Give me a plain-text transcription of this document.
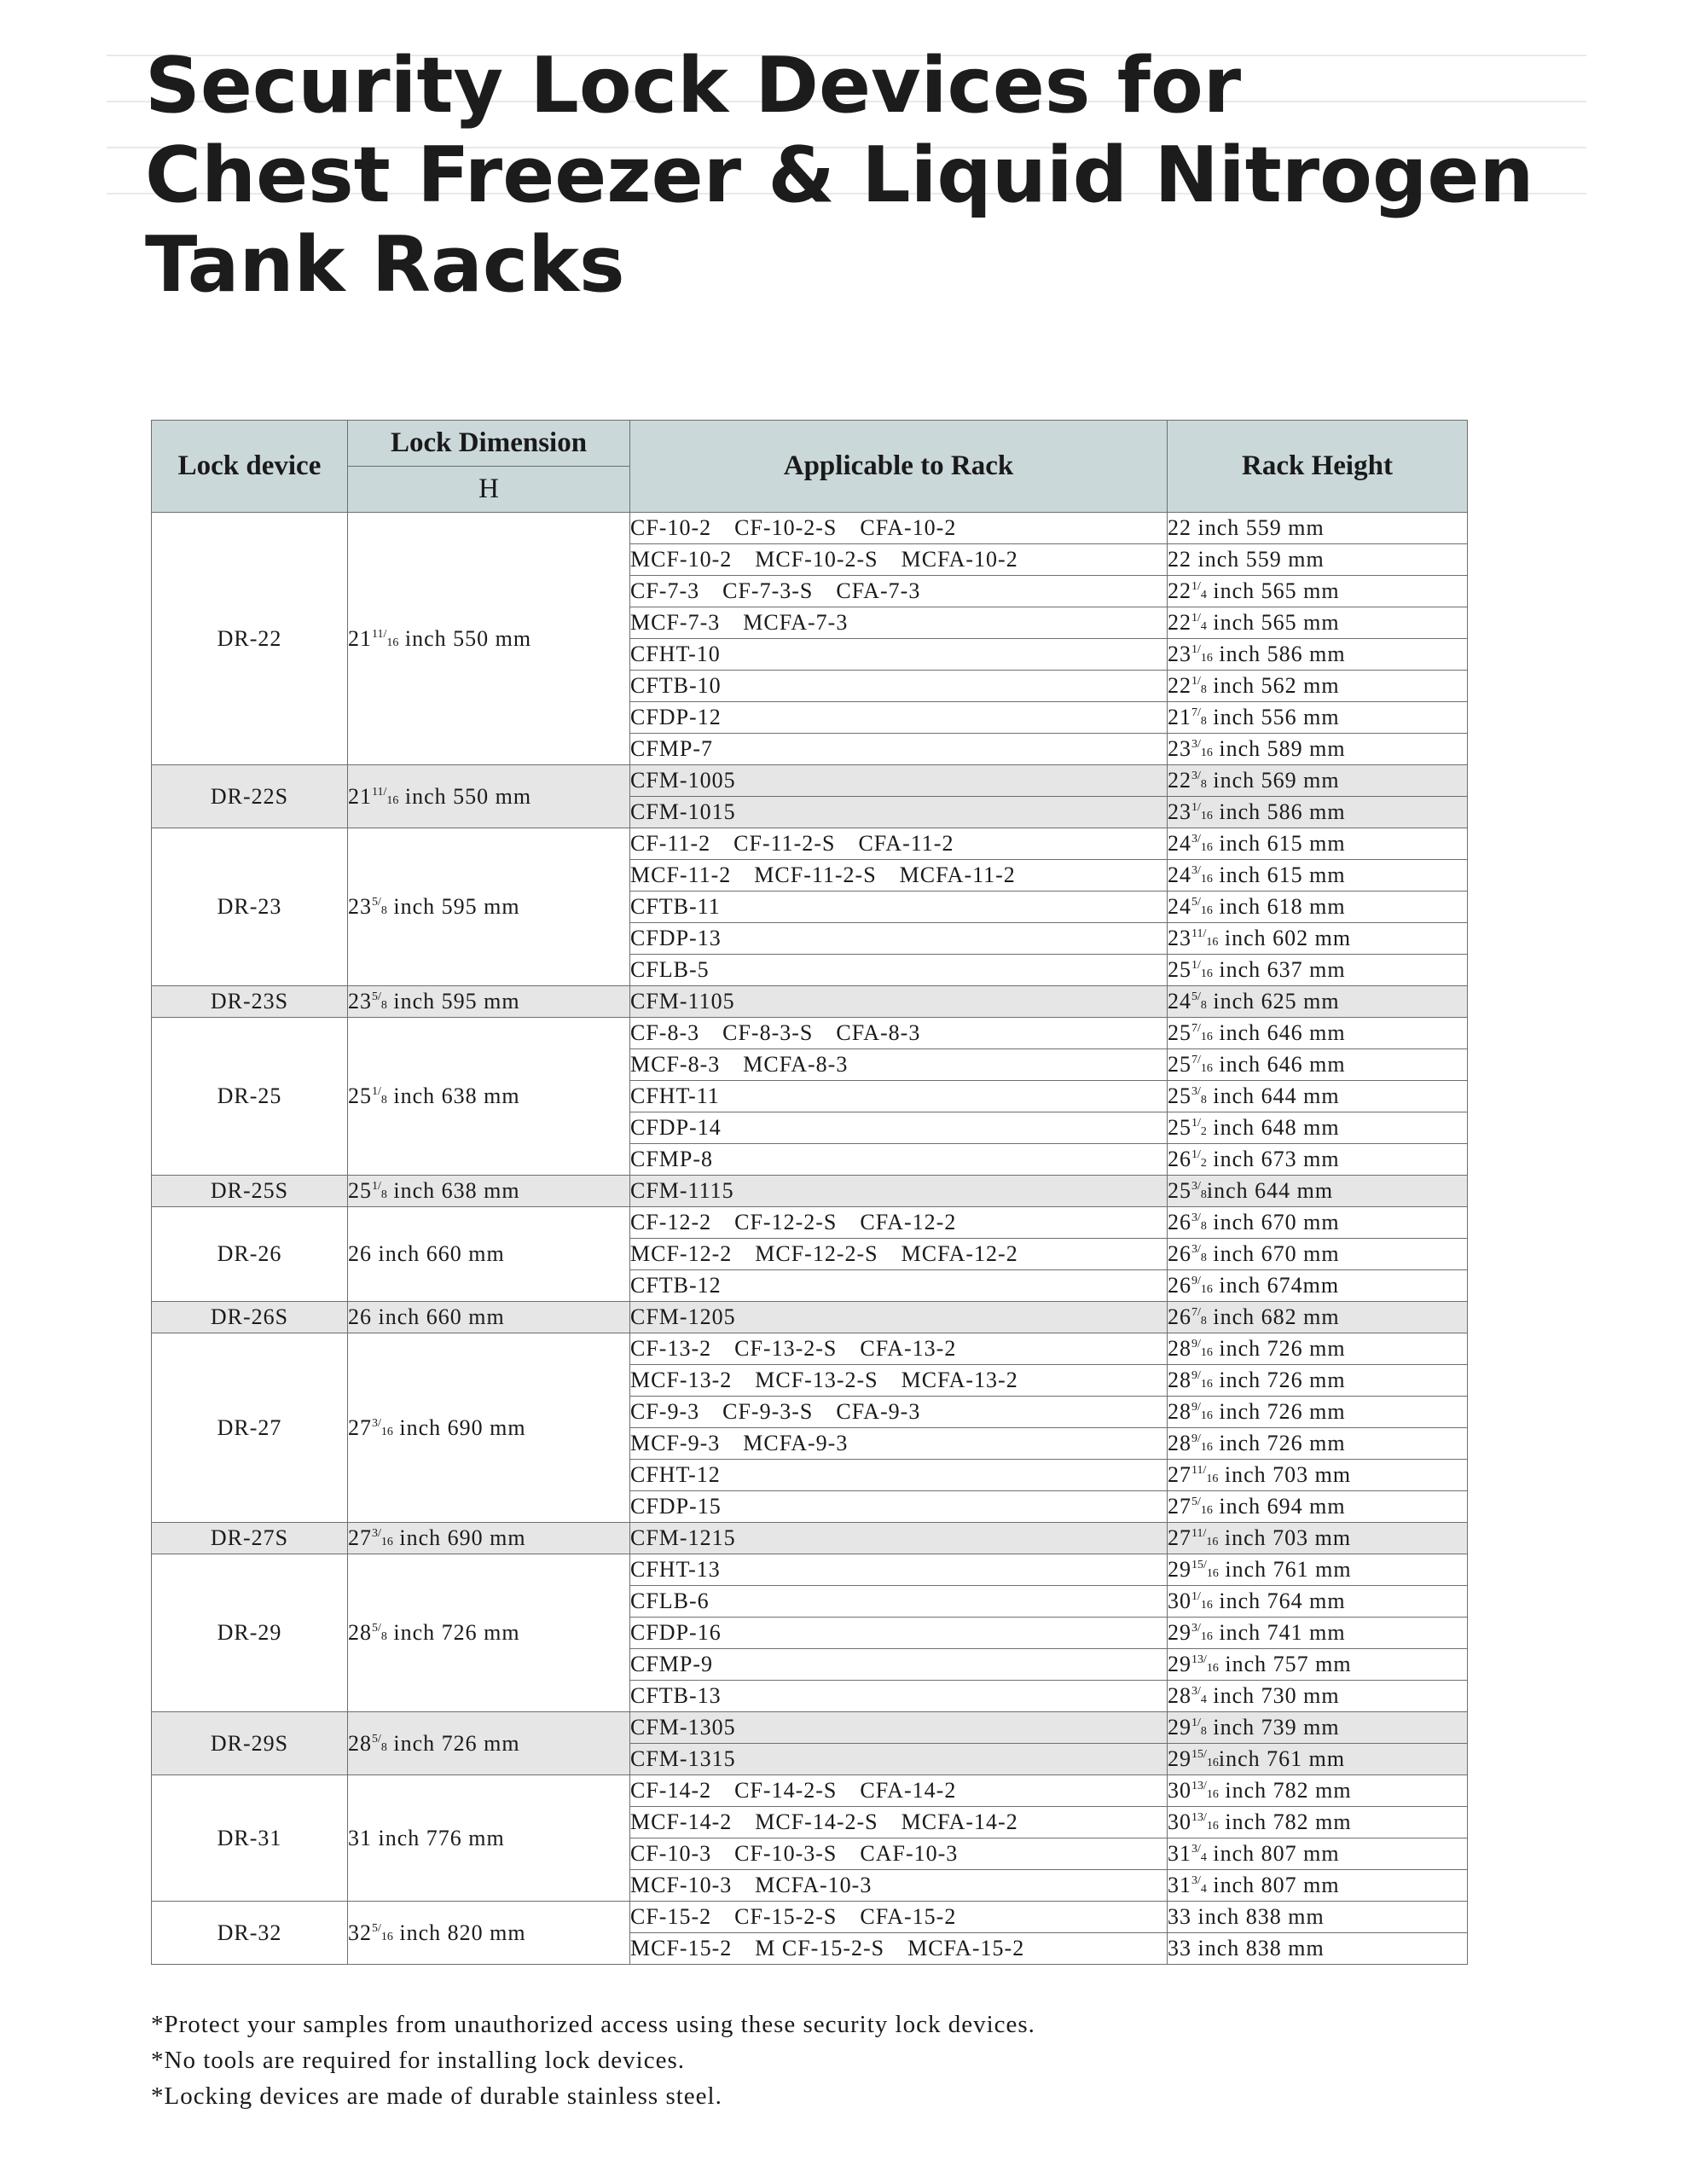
Security Lock Devices for
Chest Freezer & Liquid Nitrogen
Tank Racks
Lock device	Lock Dimension	Applicable to Rack	Rack Height
	H		
DR-22	$21^{11/16}$ inch 550 mm	CF-10-2 CF-10-2-S CFA-10-2	22 inch 559 mm
		MCF-10-2 MCF-10-2-S MCFA-10-2	22 inch 559 mm
		CF-7-3 CF-7-3-S CFA-7-3	$22^{1/4}$ inch 565 mm
		MCF-7-3 MCFA-7-3	$22^{1/4}$ inch 565 mm
		CFHT-10	$23^{1/16}$ inch 586 mm
		CFTB-10	$22^{1/8}$ inch 562 mm
		CFDP-12	$21^{7/8}$ inch 556 mm
		CFMP-7	$23^{3/16}$ inch 589 mm
DR-22S	$21^{11/16}$ inch 550 mm	CFM-1005	$22^{3/8}$ inch 569 mm
		CFM-1015	$23^{1/16}$ inch 586 mm
DR-23	$23^{5/8}$ inch 595 mm	CF-11-2 CF-11-2-S CFA-11-2	$24^{3/16}$ inch 615 mm
		MCF-11-2 MCF-11-2-S MCFA-11-2	$24^{3/16}$ inch 615 mm
		CFTB-11	$24^{5/16}$ inch 618 mm
		CFDP-13	$23^{11/16}$ inch 602 mm
		CFLB-5	$25^{1/16}$ inch 637 mm
DR-23S	$23^{5/8}$ inch 595 mm	CFM-1105	$24^{5/8}$ inch 625 mm
DR-25	$25^{1/8}$ inch 638 mm	CF-8-3 CF-8-3-S CFA-8-3	$25^{7/16}$ inch 646 mm
		MCF-8-3 MCFA-8-3	$25^{7/16}$ inch 646 mm
		CFHT-11	$25^{3/8}$ inch 644 mm
		CFDP-14	$25^{1/2}$ inch 648 mm
		CFMP-8	$26^{1/2}$ inch 673 mm
DR-25S	$25^{1/8}$ inch 638 mm	CFM-1115	$25^{3/8}inch$ 644 mm
DR-26	26 inch 660 mm	CF-12-2 CF-12-2-S CFA-12-2	$26^{3/8}$ inch 670 mm
		MCF-12-2 MCF-12-2-S MCFA-12-2	$26^{3/8}$ inch 670 mm
		CFTB-12	$26^{9/16}$ inch 674mm
DR-26S	26 inch 660 mm	CFM-1205	$26^{7/8}$ inch 682 mm
DR-27	$27^{3/16}$ inch 690 mm	CF-13-2 CF-13-2-S CFA-13-2	$28^{9/16}$ inch 726 mm
		MCF-13-2 MCF-13-2-S MCFA-13-2	$28^{9/16}$ inch 726 mm
		CF-9-3 CF-9-3-S CFA-9-3	$28^{9/16}$ inch 726 mm
		MCF-9-3 MCFA-9-3	$28^{9/16}$ inch 726 mm
		CFHT-12	$27^{11/16}$ inch 703 mm
		CFDP-15	$27^{5/16}$ inch 694 mm
DR-27S	$27^{3/16}$ inch 690 mm	CFM-1215	$27^{11/16}$ inch 703 mm
DR-29	$28^{5/8}$ inch 726 mm	CFHT-13	$29^{15/16}$ inch 761 mm
		CFLB-6	$30^{1/16}$ inch 764 mm
		CFDP-16	$29^{3/16}$ inch 741 mm
		CFMP-9	$29^{13/16}$ inch 757 mm
		CFTB-13	$28^{3/4}$ inch 730 mm
DR-29S	$28^{5/8}$ inch 726 mm	CFM-1305	$29^{1/8}$ inch 739 mm
		CFM-1315	$29^{15/16}inch$ 761 mm
DR-31	31 inch 776 mm	CF-14-2 CF-14-2-S CFA-14-2	$30^{13/16}$ inch 782 mm
		MCF-14-2 MCF-14-2-S MCFA-14-2	$30^{13/16}$ inch 782 mm
		CF-10-3 CF-10-3-S CAF-10-3	$31^{3/4}$ inch 807 mm
		MCF-10-3 MCFA-10-3	$31^{3/4}$ inch 807 mm
DR-32	$32^{5/16}$ inch 820 mm	CF-15-2 CF-15-2-S CFA-15-2	33 inch 838 mm
		MCF-15-2 M CF-15-2-S MCFA-15-2	33 inch 838 mm
*Protect your samples from unauthorized access using these security lock devices.
*No tools are required for installing lock devices.
*Locking devices are made of durable stainless steel.
